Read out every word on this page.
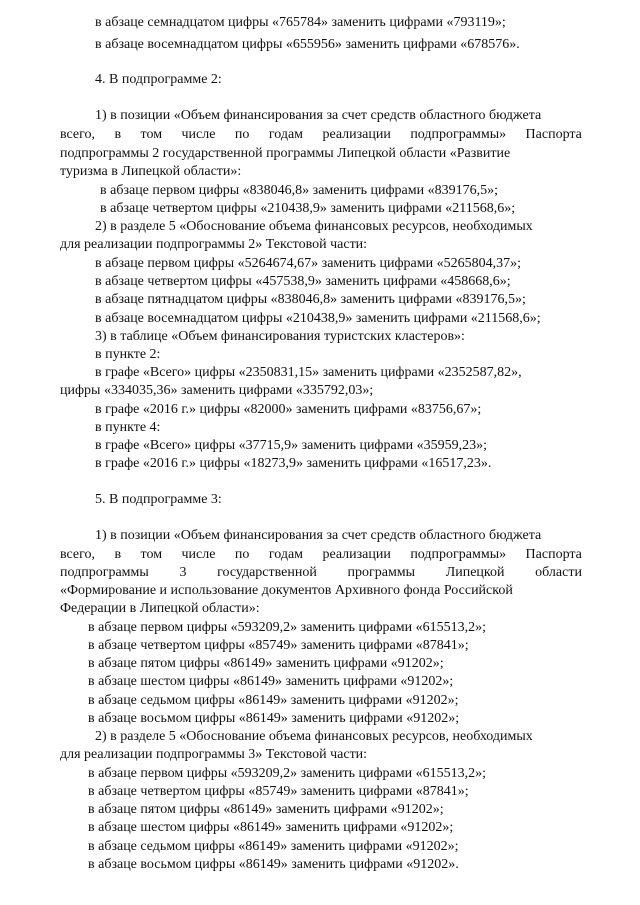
в абзаце семнадцатом цифры «765784» заменить цифрами «793119»;
в абзаце восемнадцатом цифры «655956» заменить цифрами «678576».
4. В подпрограмме 2:
1) в позиции «Объем финансирования за счет средств областного бюджета
всего, в том числе по годам реализации подпрограммы» Паспорта
подпрограммы 2 государственной программы Липецкой области «Развитие
туризма в Липецкой области»:
в абзаце первом цифры «838046,8» заменить цифрами «839176,5»;
в абзаце четвертом цифры «210438,9» заменить цифрами «211568,6»;
2) в разделе 5 «Обоснование объема финансовых ресурсов, необходимых
для реализации подпрограммы 2» Текстовой части:
в абзаце первом цифры «5264674,67» заменить цифрами «5265804,37»;
в абзаце четвертом цифры «457538,9» заменить цифрами «458668,6»;
в абзаце пятнадцатом цифры «838046,8» заменить цифрами «839176,5»;
в абзаце восемнадцатом цифры «210438,9» заменить цифрами «211568,6»;
3) в таблице «Объем финансирования туристских кластеров»:
в пункте 2:
в графе «Всего» цифры «2350831,15» заменить цифрами «2352587,82»,
цифры «334035,36» заменить цифрами «335792,03»;
в графе «2016 г.» цифры «82000» заменить цифрами «83756,67»;
в пункте 4:
в графе «Всего» цифры «37715,9» заменить цифрами «35959,23»;
в графе «2016 г.» цифры «18273,9» заменить цифрами «16517,23».
5. В подпрограмме 3:
1) в позиции «Объем финансирования за счет средств областного бюджета
всего, в том числе по годам реализации подпрограммы» Паспорта
подпрограммы 3 государственной программы Липецкой области
«Формирование и использование документов Архивного фонда Российской
Федерации в Липецкой области»:
в абзаце первом цифры «593209,2» заменить цифрами «615513,2»;
в абзаце четвертом цифры «85749» заменить цифрами «87841»;
в абзаце пятом цифры «86149» заменить цифрами «91202»;
в абзаце шестом цифры «86149» заменить цифрами «91202»;
в абзаце седьмом цифры «86149» заменить цифрами «91202»;
в абзаце восьмом цифры «86149» заменить цифрами «91202»;
2) в разделе 5 «Обоснование объема финансовых ресурсов, необходимых
для реализации подпрограммы 3» Текстовой части:
в абзаце первом цифры «593209,2» заменить цифрами «615513,2»;
в абзаце четвертом цифры «85749» заменить цифрами «87841»;
в абзаце пятом цифры «86149» заменить цифрами «91202»;
в абзаце шестом цифры «86149» заменить цифрами «91202»;
в абзаце седьмом цифры «86149» заменить цифрами «91202»;
в абзаце восьмом цифры «86149» заменить цифрами «91202».
